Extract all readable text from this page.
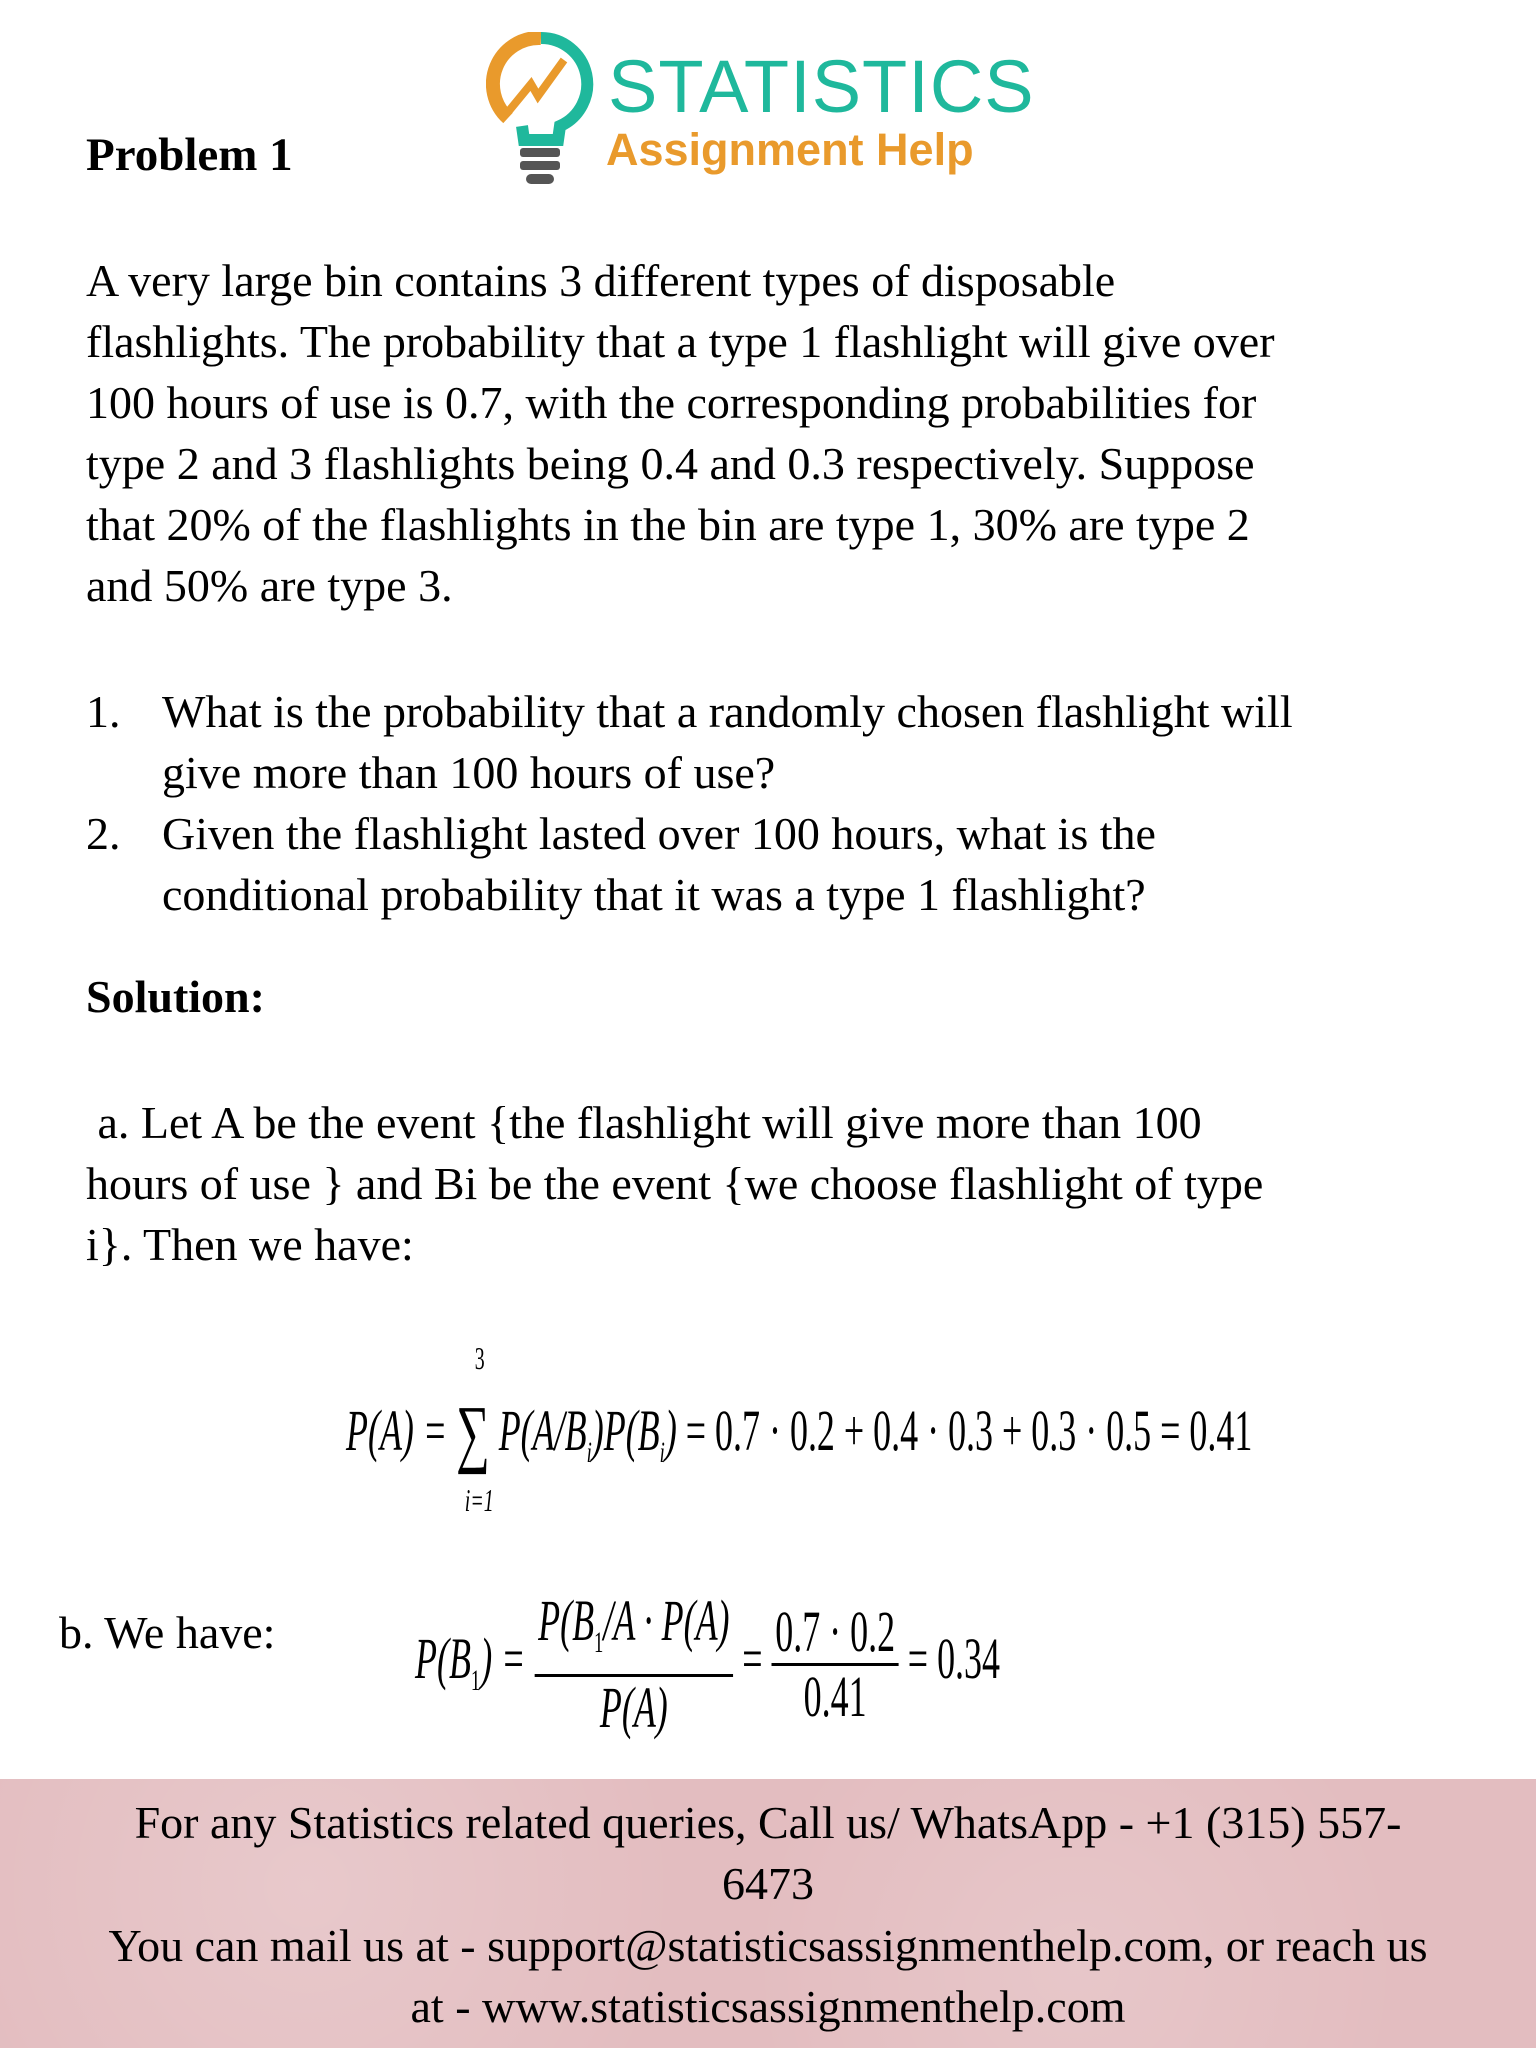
Problem 1
STATISTICS
Assignment Help
A very large bin contains 3 different types of disposable
flashlights. The probability that a type 1 flashlight will give over
100 hours of use is 0.7, with the corresponding probabilities for
type 2 and 3 flashlights being 0.4 and 0.3 respectively. Suppose
that 20% of the flashlights in the bin are type 1, 30% are type 2
and 50% are type 3.
1. What is the probability that a randomly chosen flashlight will
give more than 100 hours of use?
2. Given the flashlight lasted over 100 hours, what is the
conditional probability that it was a type 1 flashlight?
Solution:
a. Let A be the event {the flashlight will give more than 100
hours of use } and Bi be the event {we choose flashlight of type
i}. Then we have:
P(A) =
3
∑
i=1
$P(A/B_i)P(B_i) = 0.7 \cdot 0.2 + 0.4 \cdot 0.3 + 0.3 \cdot 0.5 = 0.41$
b. We have: $P(B_1) = \frac{P(B_1/A \cdot P(A)}{P(A)} = \frac{0.7 \cdot 0.2}{0.41} = 0.34$
For any Statistics related queries, Call us/ WhatsApp - +1 (315) 557-
6473
You can mail us at - support@statisticsassignmenthelp.com, or reach us
at - www.statisticsassignmenthelp.com
